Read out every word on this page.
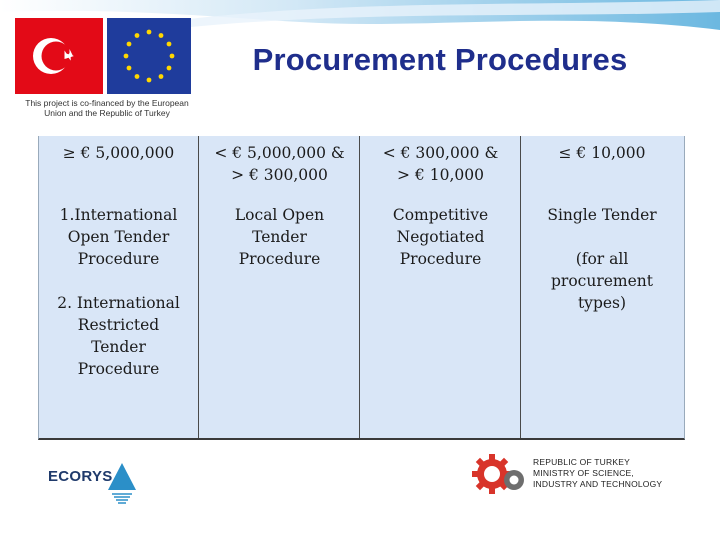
This project is co-financed by the European
Union and the Republic of Turkey
Procurement Procedures
≥ € 5,000,000
1.International
Open Tender
Procedure
2. International
Restricted
Tender
Procedure
< € 5,000,000 &
> € 300,000
Local Open
Tender
Procedure
< € 300,000 &
> € 10,000
Competitive
Negotiated
Procedure
≤ € 10,000
Single Tender
(for all
procurement
types)
ECORYS
REPUBLIC OF TURKEY
MINISTRY OF SCIENCE,
INDUSTRY AND TECHNOLOGY
